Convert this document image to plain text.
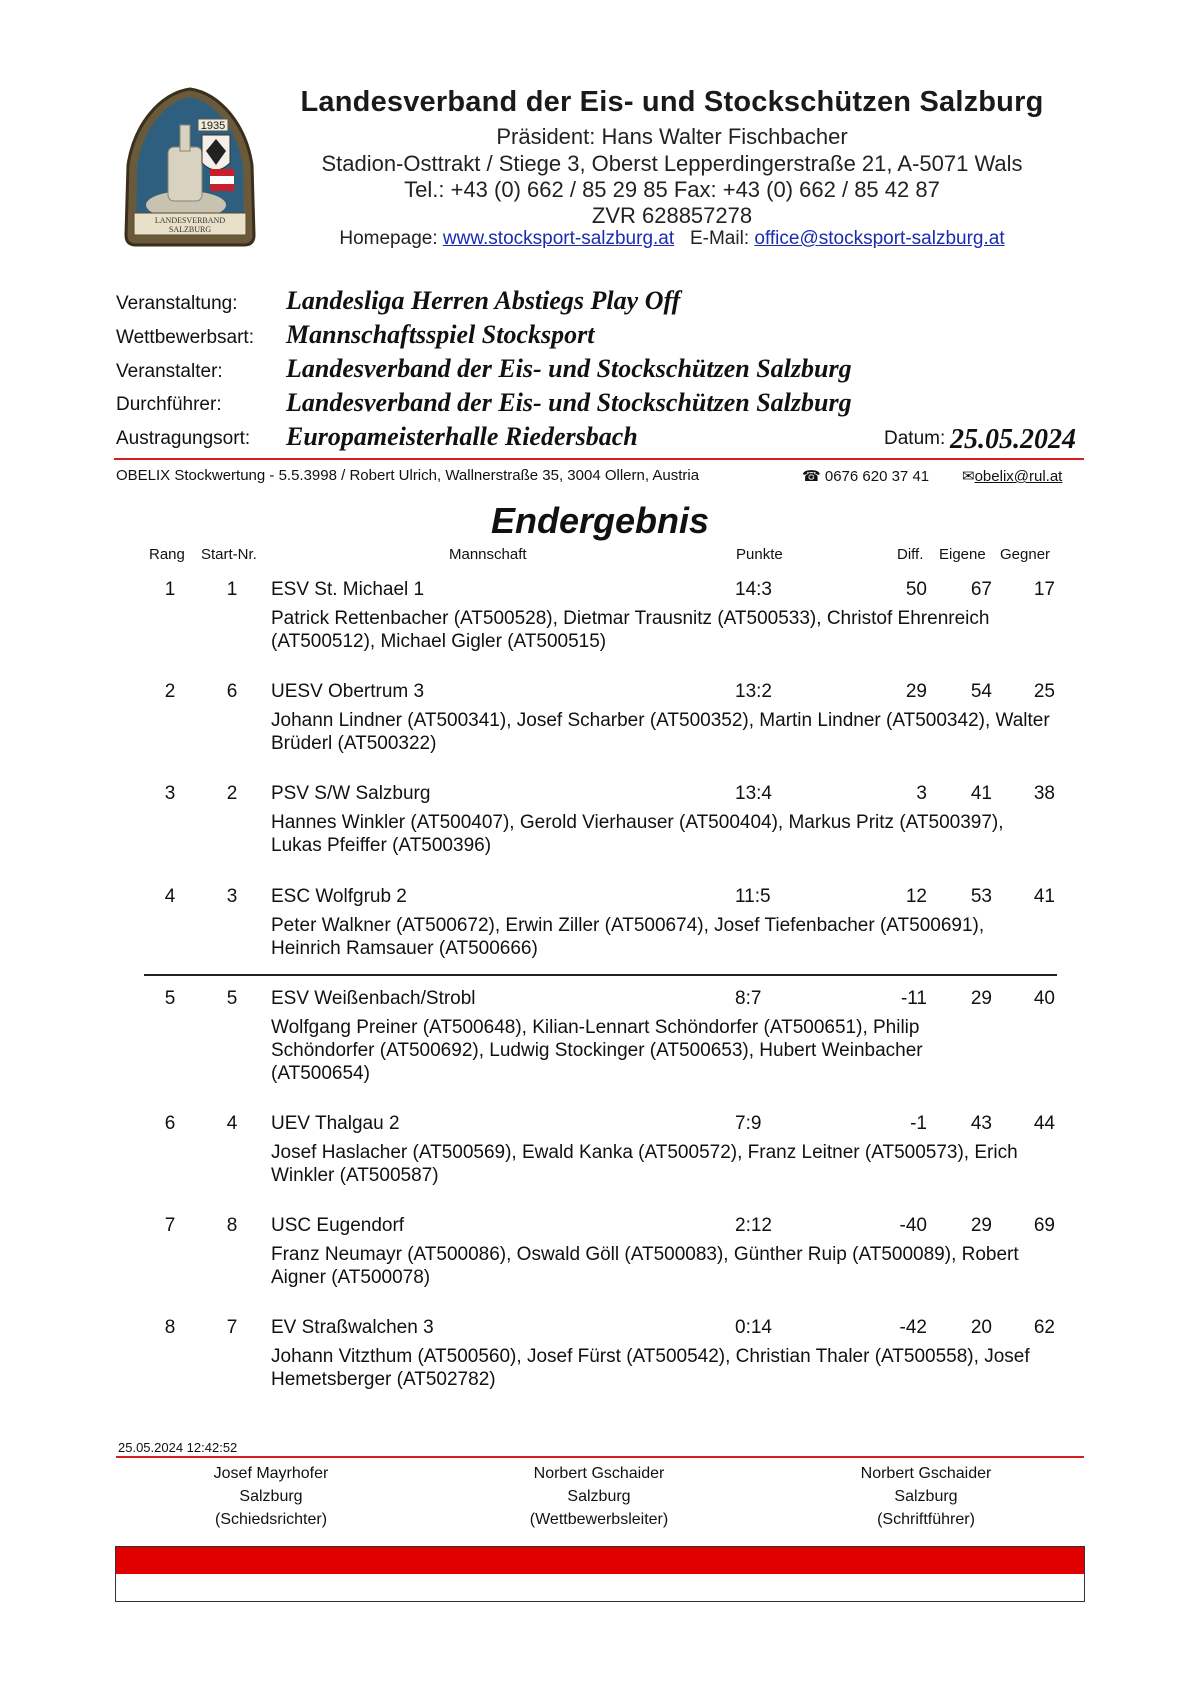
1935
LANDESVERBAND
SALZBURG
Landesverband der Eis- und Stockschützen Salzburg
Präsident: Hans Walter Fischbacher
Stadion-Osttrakt / Stiege 3, Oberst Lepperdingerstraße 21, A-5071 Wals
Tel.: +43 (0) 662 / 85 29 85 Fax: +43 (0) 662 / 85 42 87
ZVR 628857278
Homepage: www.stocksport-salzburg.at E-Mail: office@stocksport-salzburg.at
Veranstaltung: Landesliga Herren Abstiegs Play Off
Wettbewerbsart: Mannschaftsspiel Stocksport
Veranstalter: Landesverband der Eis- und Stockschützen Salzburg
Durchführer: Landesverband der Eis- und Stockschützen Salzburg
Austragungsort: Europameisterhalle Riedersbach	Datum: 25.05.2024
OBELIX Stockwertung - 5.5.3998 / Robert Ulrich, Wallnerstraße 35, 3004 Ollern, Austria	☎ 0676 620 37 41 ✉obelix@rul.at
Endergebnis
Rang Start-Nr.	Mannschaft	Punkte	Diff. Eigene Gegner
1	1 ESV St. Michael 1	14:3	50	67	17
Patrick Rettenbacher (AT500528), Dietmar Trausnitz (AT500533), Christof Ehrenreich (AT500512), Michael Gigler (AT500515)
2	6 UESV Obertrum 3	13:2	29	54	25
Johann Lindner (AT500341), Josef Scharber (AT500352), Martin Lindner (AT500342), Walter Brüderl (AT500322)
3	2 PSV S/W Salzburg	13:4	3	41	38
Hannes Winkler (AT500407), Gerold Vierhauser (AT500404), Markus Pritz (AT500397), Lukas Pfeiffer (AT500396)
4	3 ESC Wolfgrub 2	11:5	12	53	41
Peter Walkner (AT500672), Erwin Ziller (AT500674), Josef Tiefenbacher (AT500691), Heinrich Ramsauer (AT500666)
5	5 ESV Weißenbach/Strobl	8:7	-11	29	40
Wolfgang Preiner (AT500648), Kilian-Lennart Schöndorfer (AT500651), Philip Schöndorfer (AT500692), Ludwig Stockinger (AT500653), Hubert Weinbacher (AT500654)
6	4 UEV Thalgau 2	7:9	-1	43	44
Josef Haslacher (AT500569), Ewald Kanka (AT500572), Franz Leitner (AT500573), Erich Winkler (AT500587)
7	8 USC Eugendorf	2:12	-40	29	69
Franz Neumayr (AT500086), Oswald Göll (AT500083), Günther Ruip (AT500089), Robert Aigner (AT500078)
8	7 EV Straßwalchen 3	0:14	-42	20	62
Johann Vitzthum (AT500560), Josef Fürst (AT500542), Christian Thaler (AT500558), Josef Hemetsberger (AT502782)
25.05.2024 12:42:52
Josef Mayrhofer
Salzburg
(Schiedsrichter)
Norbert Gschaider
Salzburg
(Wettbewerbsleiter)
Norbert Gschaider
Salzburg
(Schriftführer)
